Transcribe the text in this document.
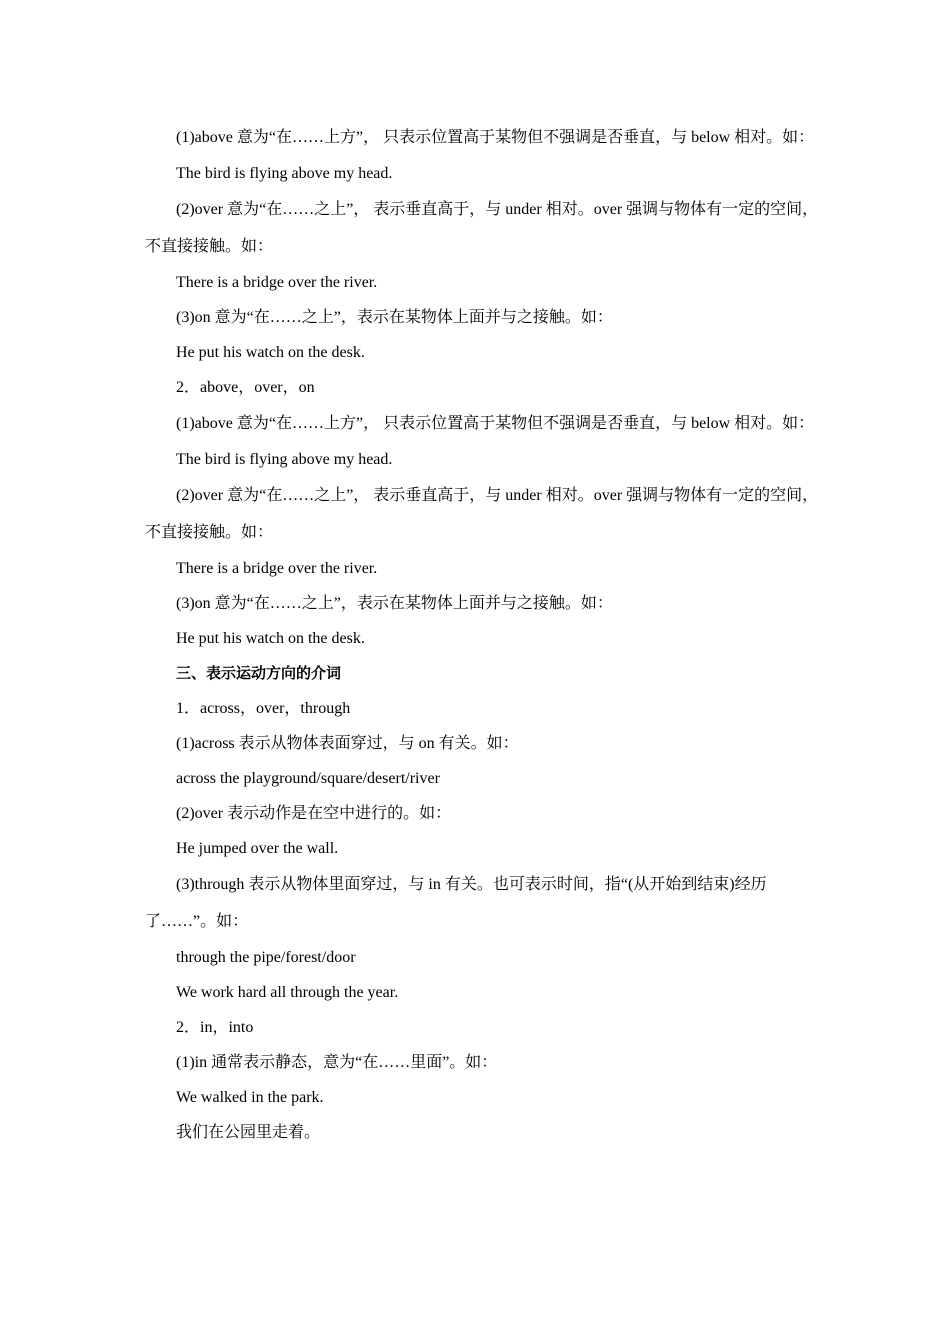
(1)above 意为“在……上方”， 只表示位置高于某物但不强调是否垂直，与 below 相对。如：

The bird is flying above my head.

(2)over 意为“在……之上”， 表示垂直高于，与 under 相对。over 强调与物体有一定的空间，不直接接触。如：

There is a bridge over the river.

(3)on 意为“在……之上”，表示在某物体上面并与之接触。如：

He put his watch on the desk.

2．above，over，on

(1)above 意为“在……上方”， 只表示位置高于某物但不强调是否垂直，与 below 相对。如：

The bird is flying above my head.

(2)over 意为“在……之上”， 表示垂直高于，与 under 相对。over 强调与物体有一定的空间，不直接接触。如：

There is a bridge over the river.

(3)on 意为“在……之上”，表示在某物体上面并与之接触。如：

He put his watch on the desk.

三、表示运动方向的介词

1．across，over，through

(1)across 表示从物体表面穿过，与 on 有关。如：

across the playground/square/desert/river

(2)over 表示动作是在空中进行的。如：

He jumped over the wall.

(3)through 表示从物体里面穿过，与 in 有关。也可表示时间，指“(从开始到结束)经历了……”。如：

through the pipe/forest/door

We work hard all through the year.

2．in，into

(1)in 通常表示静态，意为“在……里面”。如：

We walked in the park.

我们在公园里走着。
